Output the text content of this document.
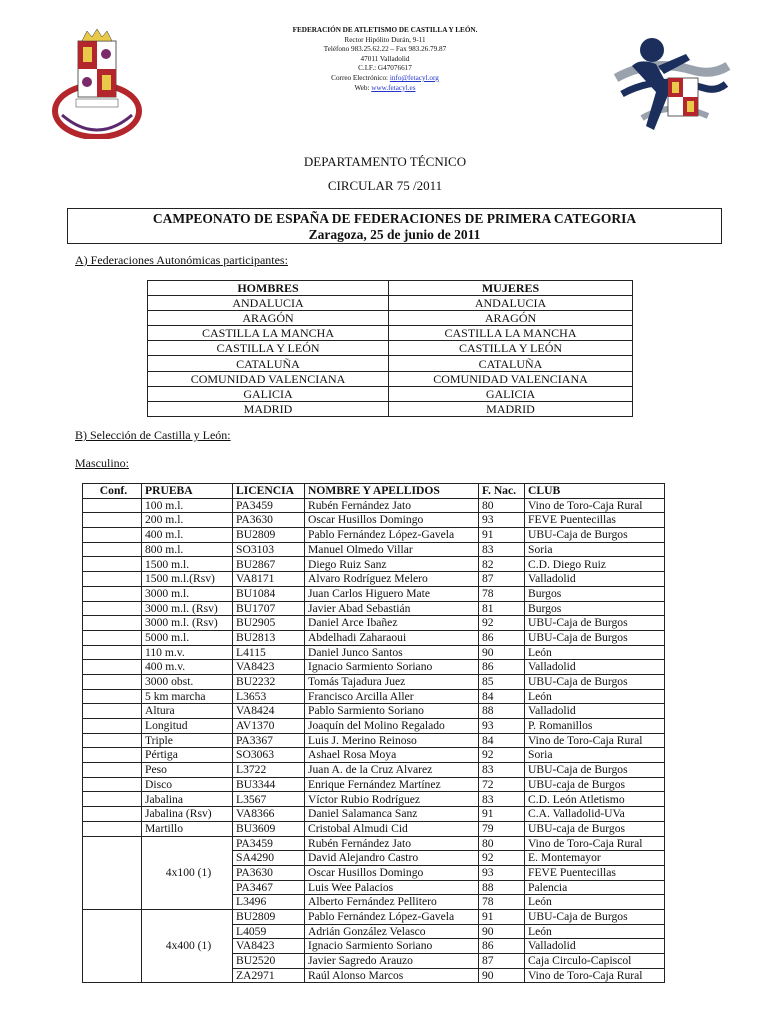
FEDERACIÓN DE ATLETISMO DE CASTILLA Y LEÓN.
Rector Hipólito Durán, 9-11
Teléfono 983.25.62.22 – Fax 983.26.79.87
47011 Valladolid
C.I.F.: G47076617
Correo Electrónico: info@fetacyl.org
Web: www.fetacyl.es
DEPARTAMENTO TÉCNICO
CIRCULAR 75 /2011
CAMPEONATO DE ESPAÑA DE FEDERACIONES DE PRIMERA CATEGORIA
Zaragoza, 25 de junio de 2011
A) Federaciones Autonómicas participantes:
HOMBRES	MUJERES
ANDALUCIA	ANDALUCIA
ARAGÓN	ARAGÓN
CASTILLA LA MANCHA	CASTILLA LA MANCHA
CASTILLA Y LEÓN	CASTILLA Y LEÓN
CATALUÑA	CATALUÑA
COMUNIDAD VALENCIANA	COMUNIDAD VALENCIANA
GALICIA	GALICIA
MADRID	MADRID
B) Selección de Castilla y León:
Masculino:
Conf.	PRUEBA	LICENCIA	NOMBRE Y APELLIDOS	F. Nac.	CLUB
	100 m.l.	PA3459	Rubén Fernández Jato	80	Vino de Toro-Caja Rural
	200 m.l.	PA3630	Oscar Husillos Domingo	93	FEVE Puentecillas
	400 m.l.	BU2809	Pablo Fernández López-Gavela	91	UBU-Caja de Burgos
	800 m.l.	SO3103	Manuel Olmedo Villar	83	Soria
	1500 m.l.	BU2867	Diego Ruiz Sanz	82	C.D. Diego Ruiz
	1500 m.l.(Rsv)	VA8171	Alvaro Rodríguez Melero	87	Valladolid
	3000 m.l.	BU1084	Juan Carlos Higuero Mate	78	Burgos
	3000 m.l. (Rsv)	BU1707	Javier Abad Sebastián	81	Burgos
	3000 m.l. (Rsv)	BU2905	Daniel Arce Ibañez	92	UBU-Caja de Burgos
	5000 m.l.	BU2813	Abdelhadi Zaharaoui	86	UBU-Caja de Burgos
	110 m.v.	L4115	Daniel Junco Santos	90	León
	400 m.v.	VA8423	Ignacio Sarmiento Soriano	86	Valladolid
	3000 obst.	BU2232	Tomás Tajadura Juez	85	UBU-Caja de Burgos
	5 km marcha	L3653	Francisco Arcilla Aller	84	León
	Altura	VA8424	Pablo Sarmiento Soriano	88	Valladolid
	Longitud	AV1370	Joaquín del Molino Regalado	93	P. Romanillos
	Triple	PA3367	Luis J. Merino Reinoso	84	Vino de Toro-Caja Rural
	Pértiga	SO3063	Ashael Rosa Moya	92	Soria
	Peso	L3722	Juan A. de la Cruz Alvarez	83	UBU-Caja de Burgos
	Disco	BU3344	Enrique Fernández Martínez	72	UBU-caja de Burgos
	Jabalina	L3567	Víctor Rubio Rodríguez	83	C.D. León Atletismo
	Jabalina (Rsv)	VA8366	Daniel Salamanca Sanz	91	C.A. Valladolid-UVa
	Martillo	BU3609	Cristobal Almudi Cid	79	UBU-caja de Burgos
	4x100 (1)	PA3459	Rubén Fernández Jato	80	Vino de Toro-Caja Rural
		SA4290	David Alejandro Castro	92	E. Montemayor
		PA3630	Oscar Husillos Domingo	93	FEVE Puentecillas
		PA3467	Luis Wee Palacios	88	Palencia
		L3496	Alberto Fernández Pellitero	78	León
	4x400 (1)	BU2809	Pablo Fernández López-Gavela	91	UBU-Caja de Burgos
		L4059	Adrián González Velasco	90	León
		VA8423	Ignacio Sarmiento Soriano	86	Valladolid
		BU2520	Javier Sagredo Arauzo	87	Caja Circulo-Capiscol
		ZA2971	Raúl Alonso Marcos	90	Vino de Toro-Caja Rural
